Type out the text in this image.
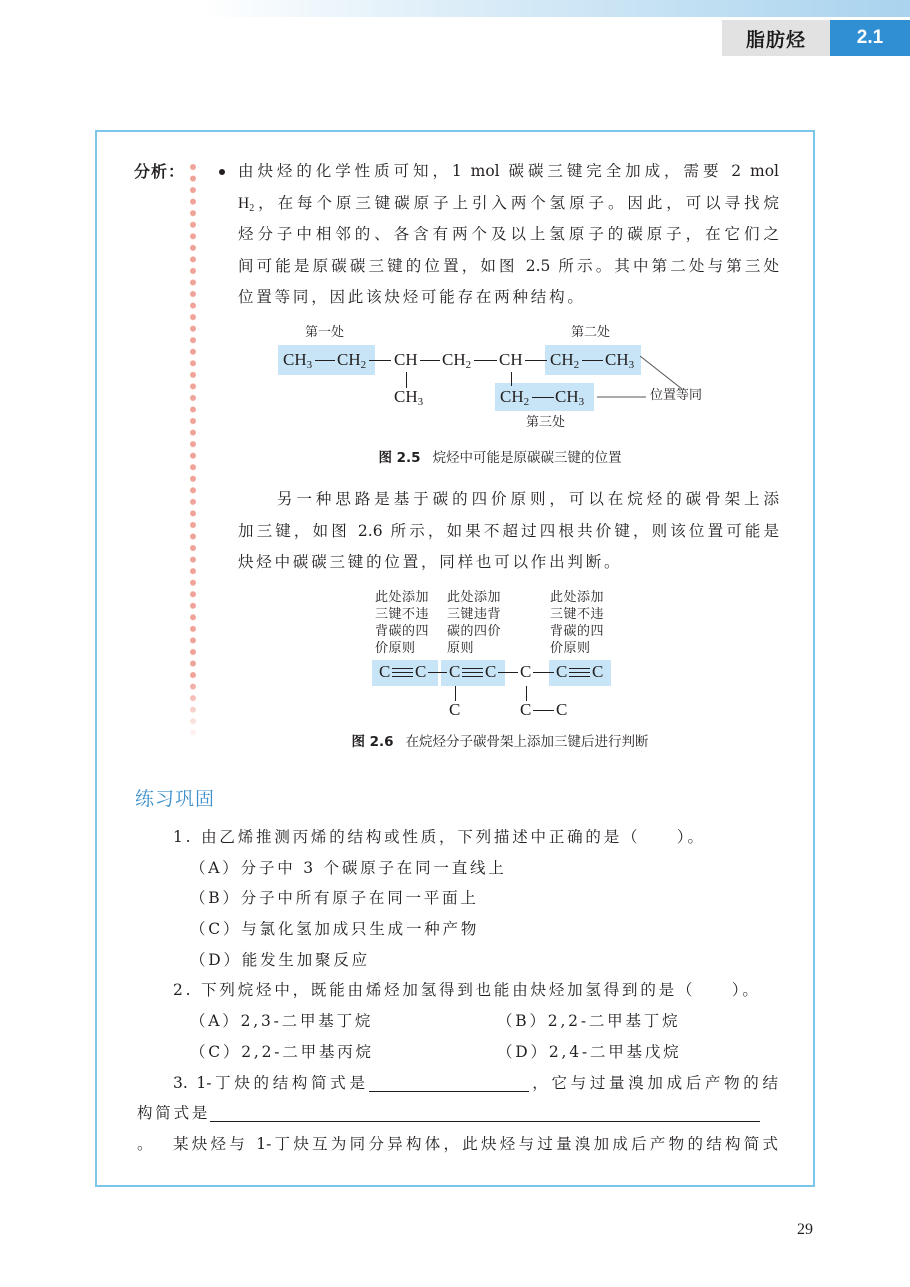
脂肪烃	2.1
分析：	由炔烃的化学性质可知，1 mol 碳碳三键完全加成，需要 2 mol
H2，在每个原三键碳原子上引入两个氢原子。因此，可以寻找烷
烃分子中相邻的、各含有两个及以上氢原子的碳原子，在它们之
间可能是原碳碳三键的位置，如图 2.5 所示。其中第二处与第三处
位置等同，因此该炔烃可能存在两种结构。
第一处	第二处
第三处
位置等同
$CH_3$ $CH_2$ CH $CH_2$ CH $CH_2$ $CH_3$
$CH_3$	$CH_2$ $CH_3$
图 2.5 烷烃中可能是原碳碳三键的位置
另一种思路是基于碳的四价原则，可以在烷烃的碳骨架上添
加三键，如图 2.6 所示，如果不超过四根共价键，则该位置可能是
炔烃中碳碳三键的位置，同样也可以作出判断。
此处添加
三键不违
背碳的四
价原则
此处添加
三键违背
碳的四价
原则
此处添加
三键不违
背碳的四
价原则
C C C C C C C
C	C C
图 2.6 在烷烃分子碳骨架上添加三键后进行判断
练习巩固
1. 由乙烯推测丙烯的结构或性质，下列描述中正确的是（　　）。
（A）分子中 3 个碳原子在同一直线上
（B）分子中所有原子在同一平面上
（C）与氯化氢加成只生成一种产物
（D）能发生加聚反应
2. 下列烷烃中，既能由烯烃加氢得到也能由炔烃加氢得到的是（　　）。
（A）2,3-二甲基丁烷	（B）2,2-二甲基丁烷
（C）2,2-二甲基丙烷	（D）2,4-二甲基戊烷
3. 1-丁炔的结构简式是	，它与过量溴加成后产物的结
构简式是。	某炔烃与 1-丁炔互为同分异构体，此炔烃与过量溴加成后产物的结构简式
29
